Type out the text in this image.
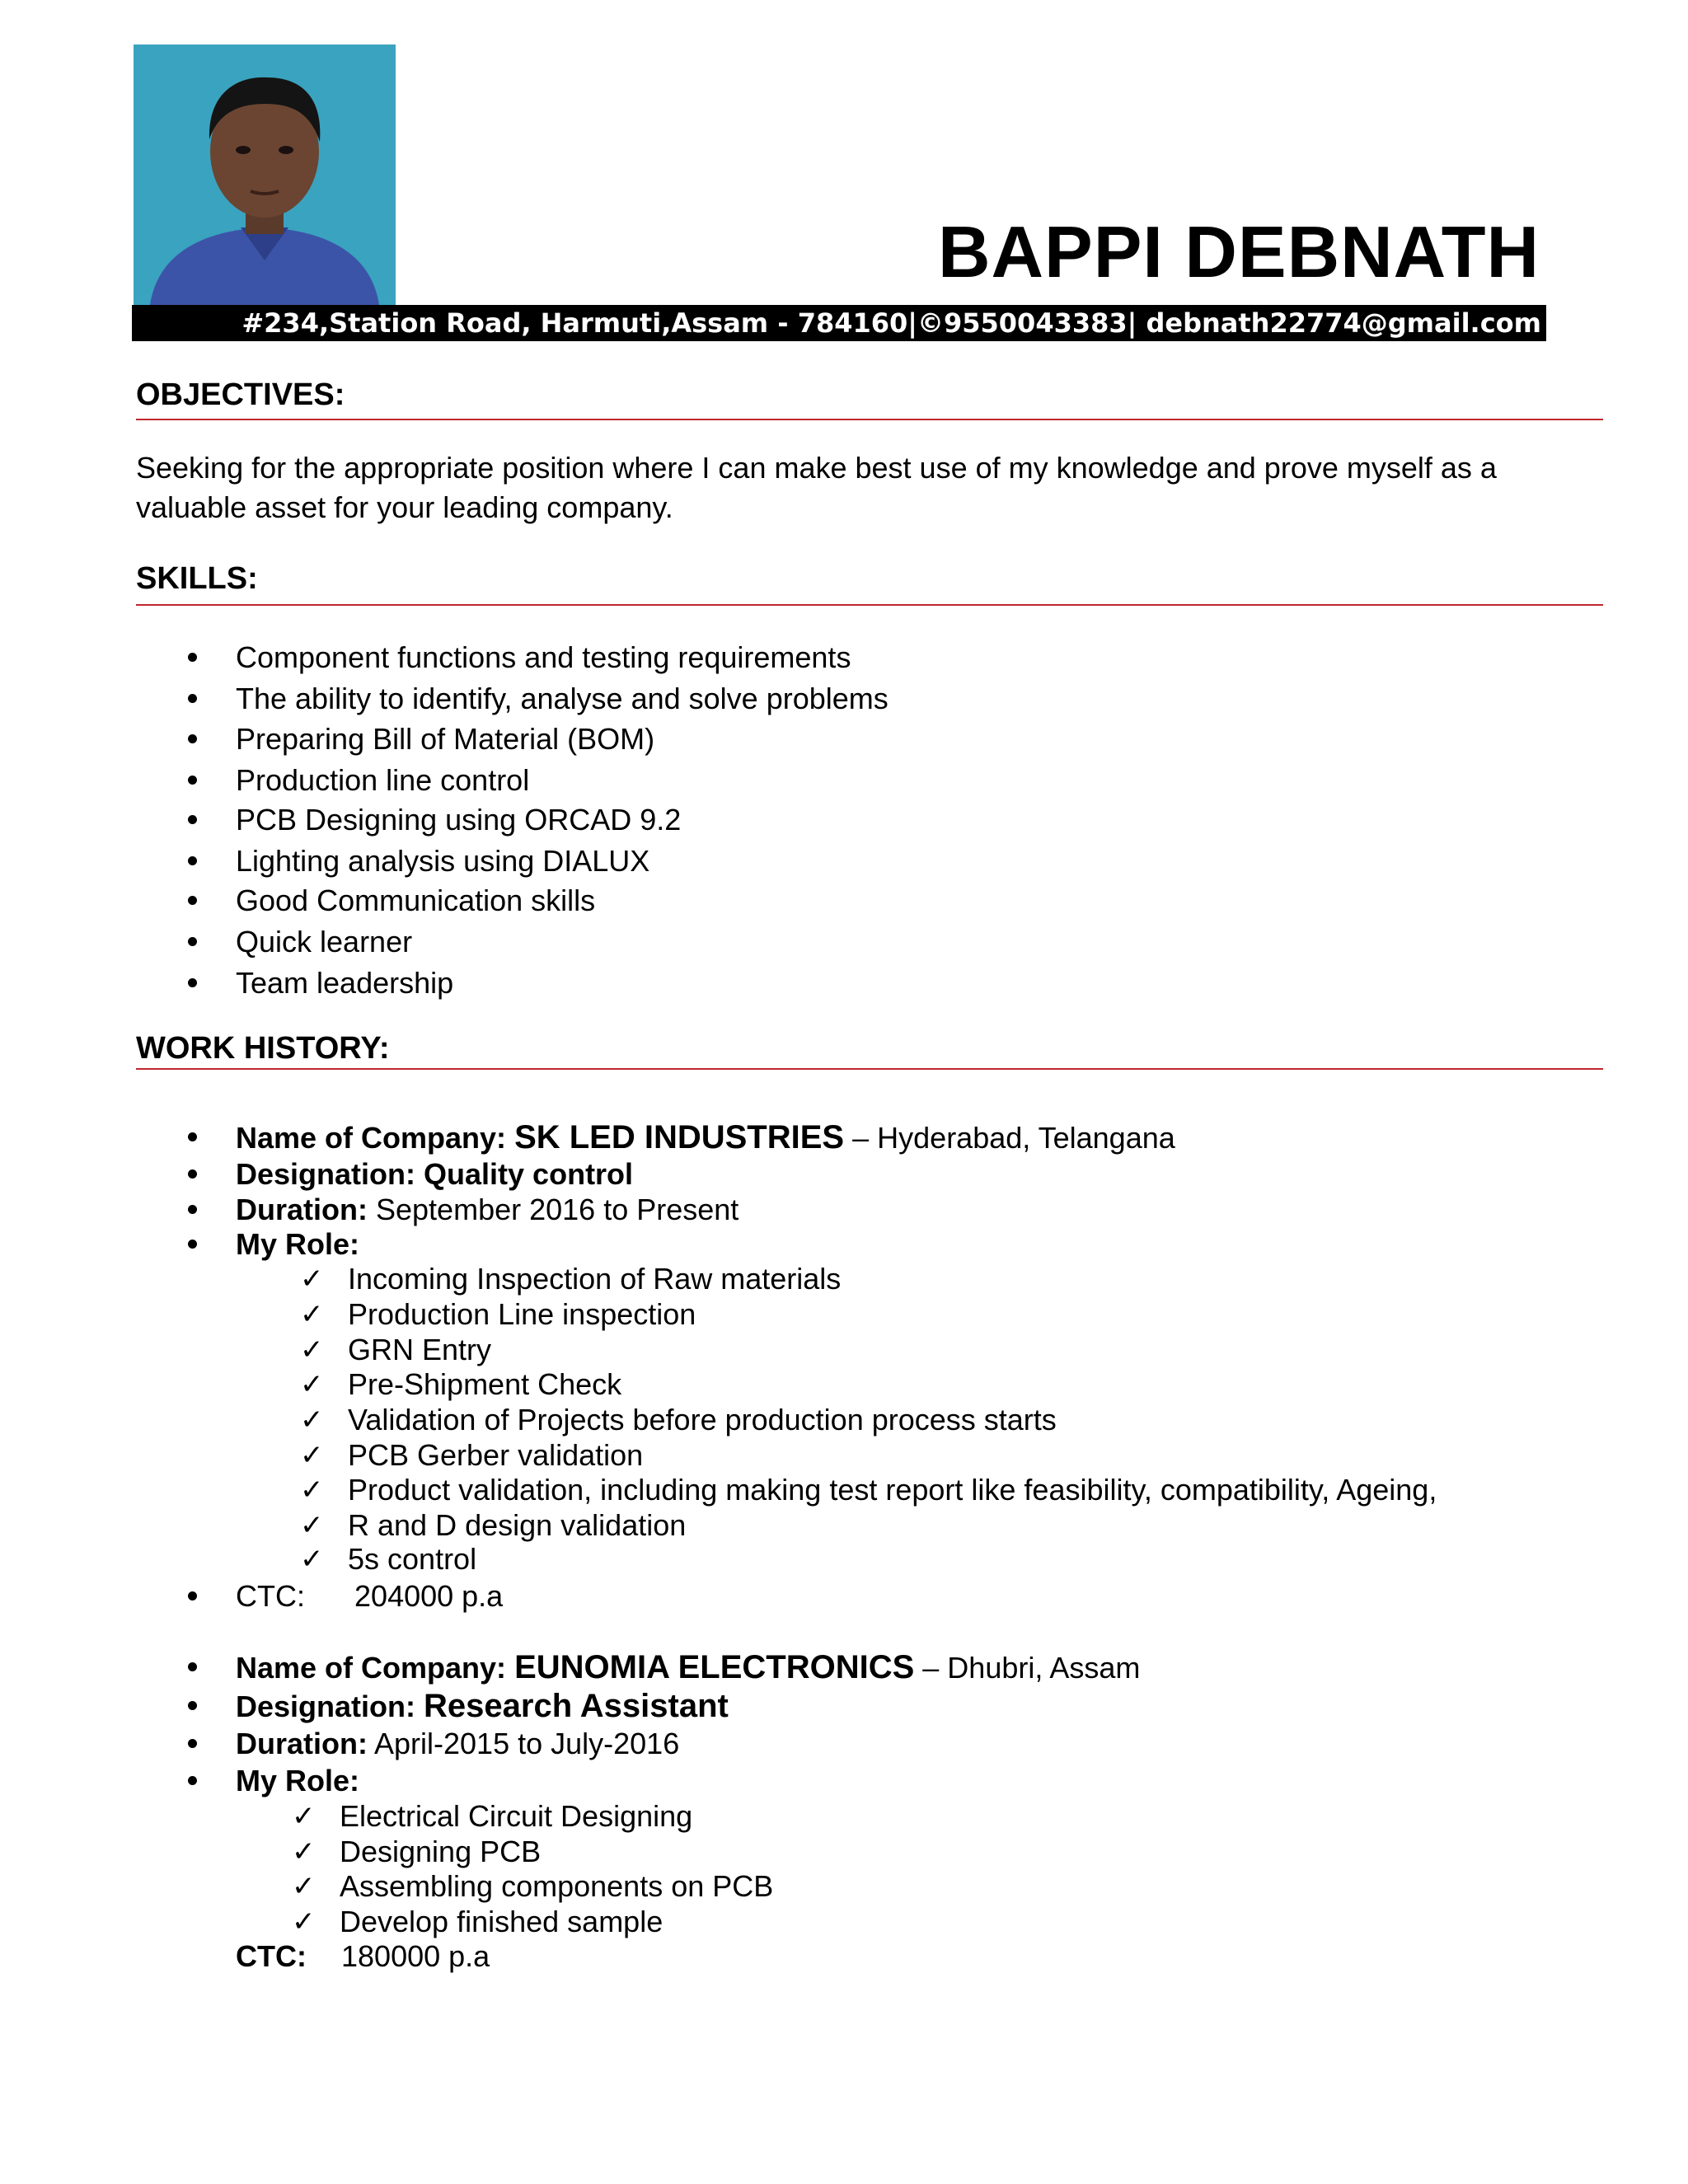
BAPPI DEBNATH
#234,Station Road, Harmuti,Assam - 784160|©9550043383| debnath22774@gmail.com
OBJECTIVES:
Seeking for the appropriate position where I can make best use of my knowledge and prove myself as a valuable asset for your leading company.
SKILLS:
Component functions and testing requirements
The ability to identify, analyse and solve problems
Preparing Bill of Material (BOM)
Production line control
PCB Designing using ORCAD 9.2
Lighting analysis using DIALUX
Good Communication skills
Quick learner
Team leadership
WORK HISTORY:
Name of Company: SK LED INDUSTRIES – Hyderabad, Telangana
Designation: Quality control
Duration: September 2016 to Present
My Role:
✓ Incoming Inspection of Raw materials
✓ Production Line inspection
✓ GRN Entry
✓ Pre-Shipment Check
✓ Validation of Projects before production process starts
✓ PCB Gerber validation
✓ Product validation, including making test report like feasibility, compatibility, Ageing,
✓ R and D design validation
✓ 5s control
CTC: 204000 p.a
Name of Company: EUNOMIA ELECTRONICS – Dhubri, Assam
Designation: Research Assistant
Duration: April-2015 to July-2016
My Role:
✓ Electrical Circuit Designing
✓ Designing PCB
✓ Assembling components on PCB
✓ Develop finished sample
CTC: 180000 p.a
